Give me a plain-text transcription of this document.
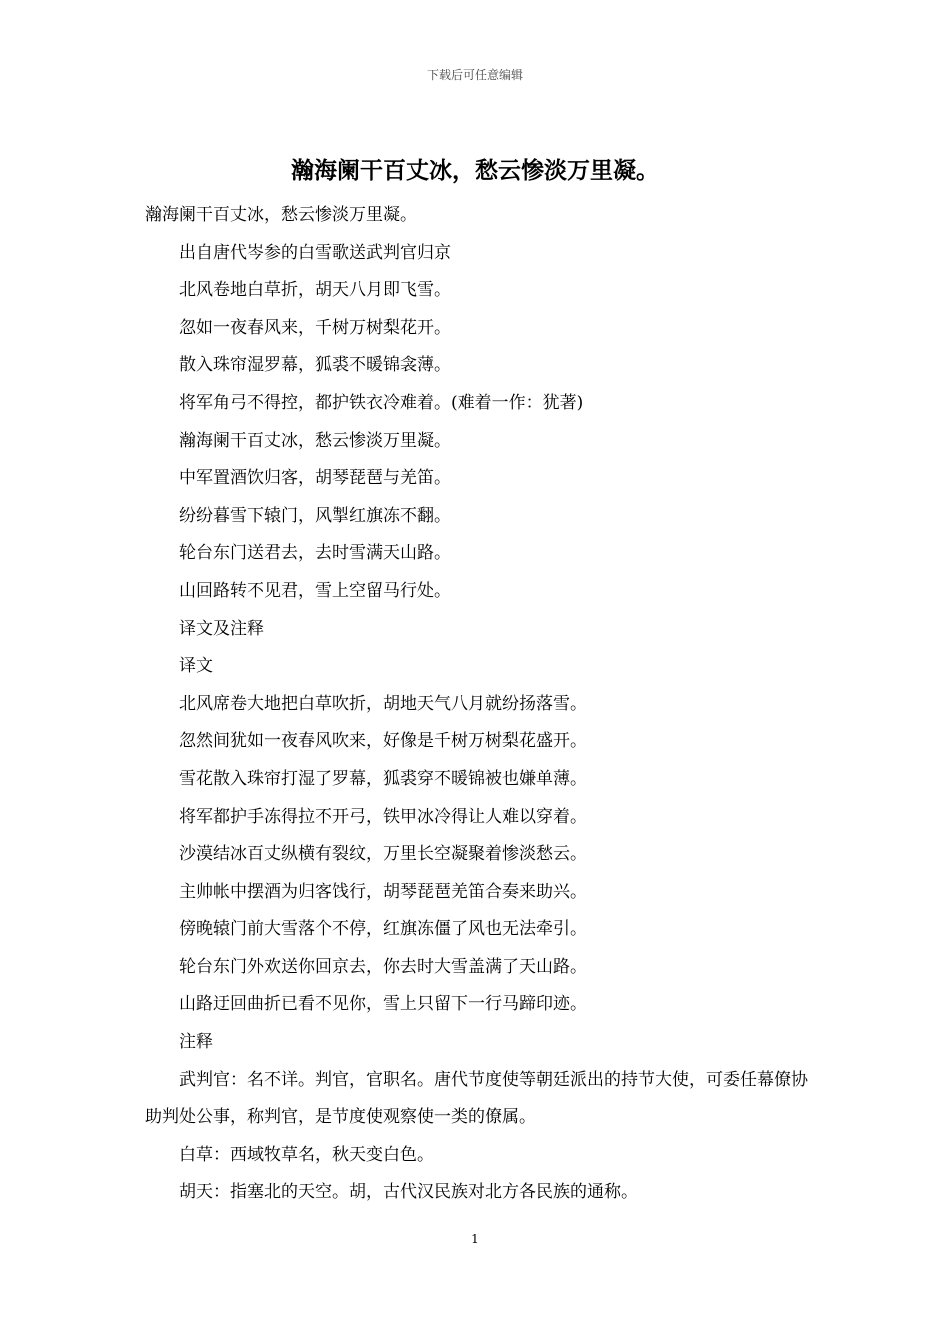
下载后可任意编辑
瀚海阑干百丈冰，愁云惨淡万里凝。

瀚海阑干百丈冰，愁云惨淡万里凝。

出自唐代岑参的白雪歌送武判官归京

北风卷地白草折，胡天八月即飞雪。

忽如一夜春风来，千树万树梨花开。

散入珠帘湿罗幕，狐裘不暖锦衾薄。

将军角弓不得控，都护铁衣冷难着。(难着一作：犹著)

瀚海阑干百丈冰，愁云惨淡万里凝。

中军置酒饮归客，胡琴琵琶与羌笛。

纷纷暮雪下辕门，风掣红旗冻不翻。

轮台东门送君去，去时雪满天山路。

山回路转不见君，雪上空留马行处。

译文及注释

译文

北风席卷大地把白草吹折，胡地天气八月就纷扬落雪。

忽然间犹如一夜春风吹来，好像是千树万树梨花盛开。

雪花散入珠帘打湿了罗幕，狐裘穿不暖锦被也嫌单薄。

将军都护手冻得拉不开弓，铁甲冰冷得让人难以穿着。

沙漠结冰百丈纵横有裂纹，万里长空凝聚着惨淡愁云。

主帅帐中摆酒为归客饯行，胡琴琵琶羌笛合奏来助兴。

傍晚辕门前大雪落个不停，红旗冻僵了风也无法牵引。

轮台东门外欢送你回京去，你去时大雪盖满了天山路。

山路迂回曲折已看不见你，雪上只留下一行马蹄印迹。

注释

武判官：名不详。判官，官职名。唐代节度使等朝廷派出的持节大使，可委任幕僚协助判处公事，称判官，是节度使观察使一类的僚属。

白草：西域牧草名，秋天变白色。

胡天：指塞北的天空。胡，古代汉民族对北方各民族的通称。

1
